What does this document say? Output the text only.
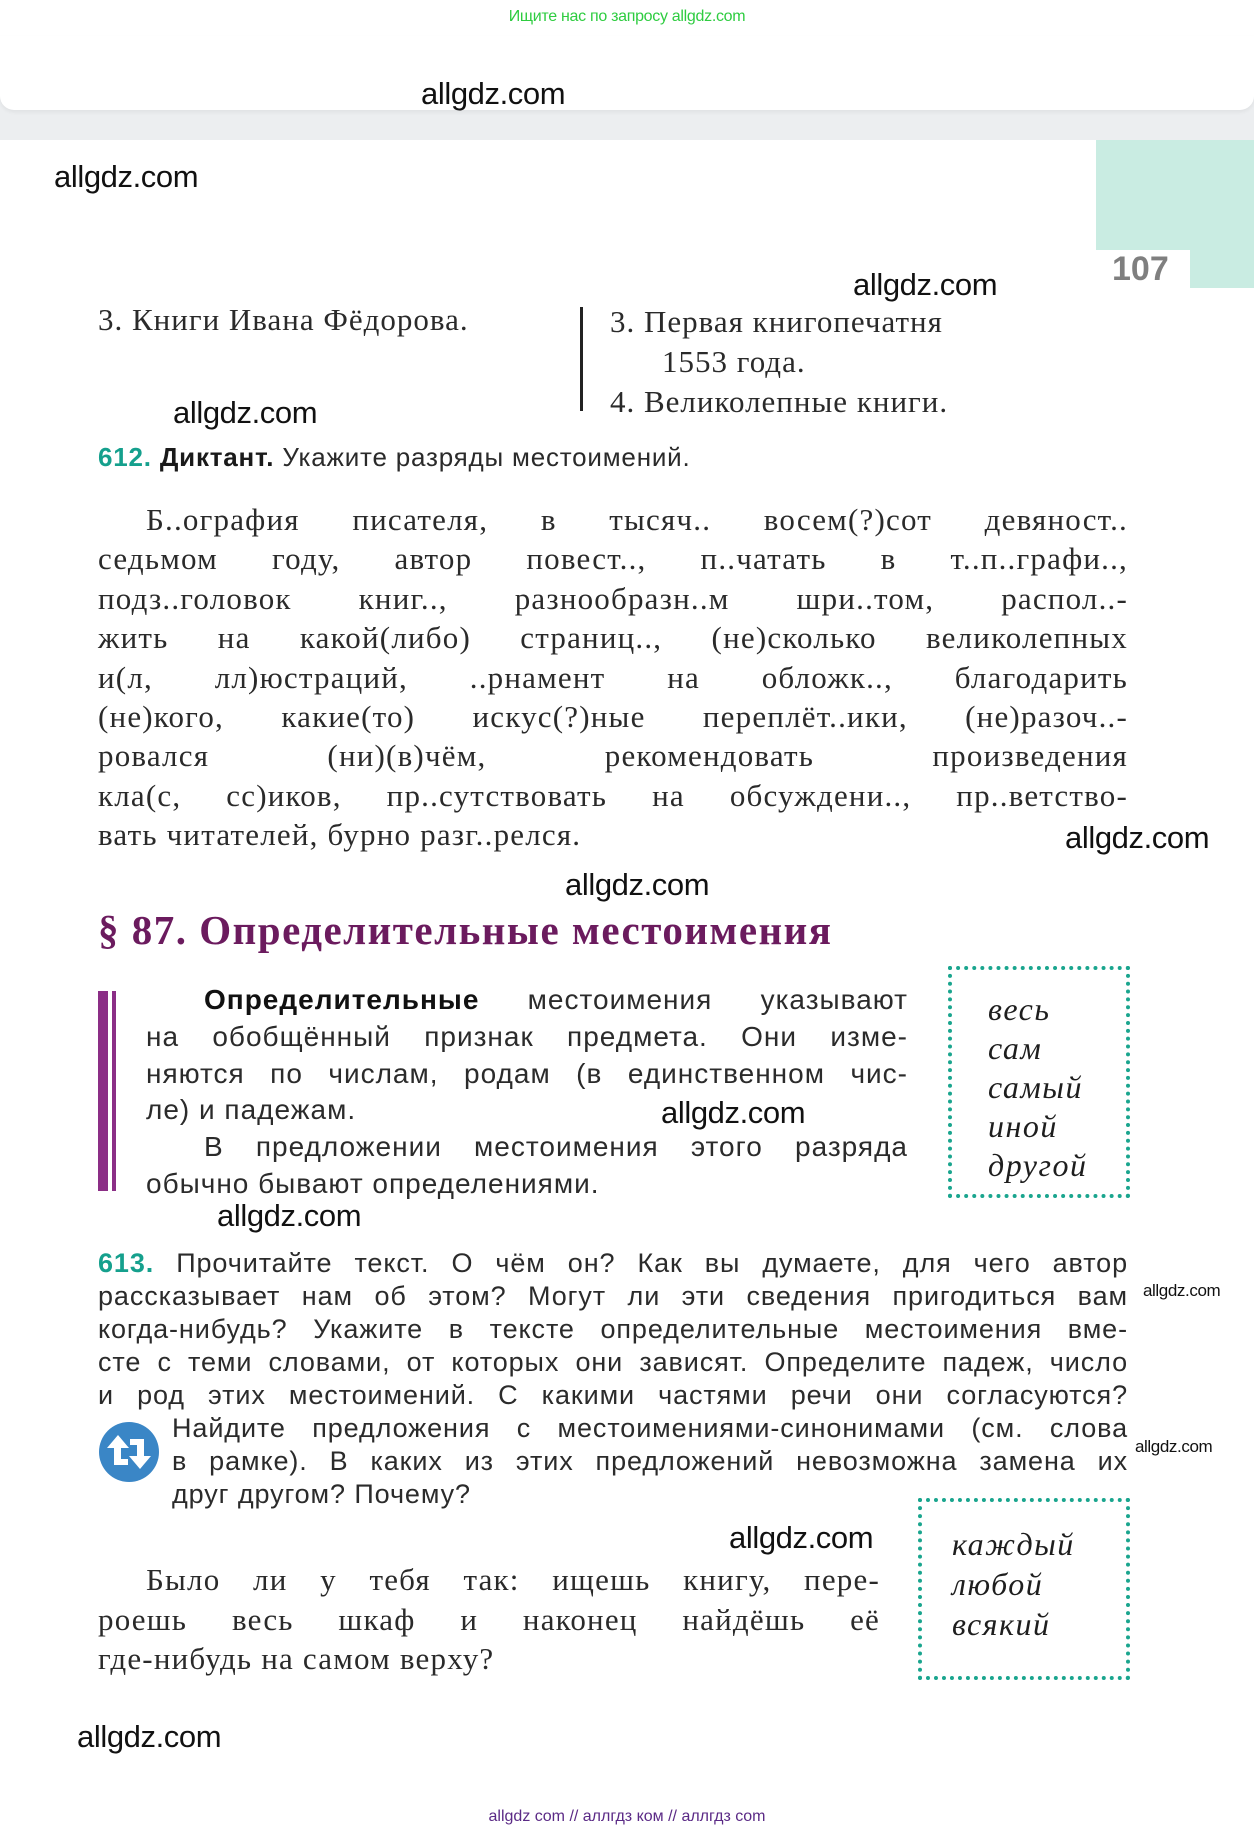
Ищите нас по запросу allgdz.com
107
3. Книги Ивана Фёдорова.	3. Первая книгопечатня
1553 года.
4. Великолепные книги.
612. Диктант. Укажите разряды местоимений.
Б..ография писателя, в тысяч.. восем(?)сот девяност..
седьмом году, автор повест.., п..чатать в т..п..графи..,
подз..головок книг.., разнообразн..м шри..том, распол..-
жить на какой(либо) страниц.., (не)сколько великолепных
и(л, лл)юстраций, ..рнамент на обложк.., благодарить
(не)кого, какие(то) искус(?)ные переплёт..ики, (не)разоч..-
ровался (ни)(в)чём, рекомендовать произведения
кла(с, сс)иков, пр..сутствовать на обсуждени.., пр..ветство-
вать читателей, бурно разг..релся.
§ 87. Определительные местоимения
Определительные местоимения указывают
на обобщённый признак предмета. Они изме-
няются по числам, родам (в единственном чис-
ле) и падежам.
В предложении местоимения этого разряда
обычно бывают определениями.
весь
сам
самый
иной
другой
613. Прочитайте текст. О чём он? Как вы думаете, для чего автор
рассказывает нам об этом? Могут ли эти сведения пригодиться вам
когда-нибудь? Укажите в тексте определительные местоимения вме-
сте с теми словами, от которых они зависят. Определите падеж, число
и род этих местоимений. С какими частями речи они согласуются?
Найдите предложения с местоимениями-синонимами (см. слова
в рамке). В каких из этих предложений невозможна замена их
друг другом? Почему?
Было ли у тебя так: ищешь книгу, пере-
роешь весь шкаф и наконец найдёшь её
где-нибудь на самом верху?
каждый
любой
всякий
allgdz.com
allgdz.com
allgdz.com
allgdz.com
allgdz.com
allgdz.com
allgdz.com
allgdz.com
allgdz.com
allgdz.com
allgdz.com
allgdz.com
allgdz com // аллгдз ком // аллгдз com
